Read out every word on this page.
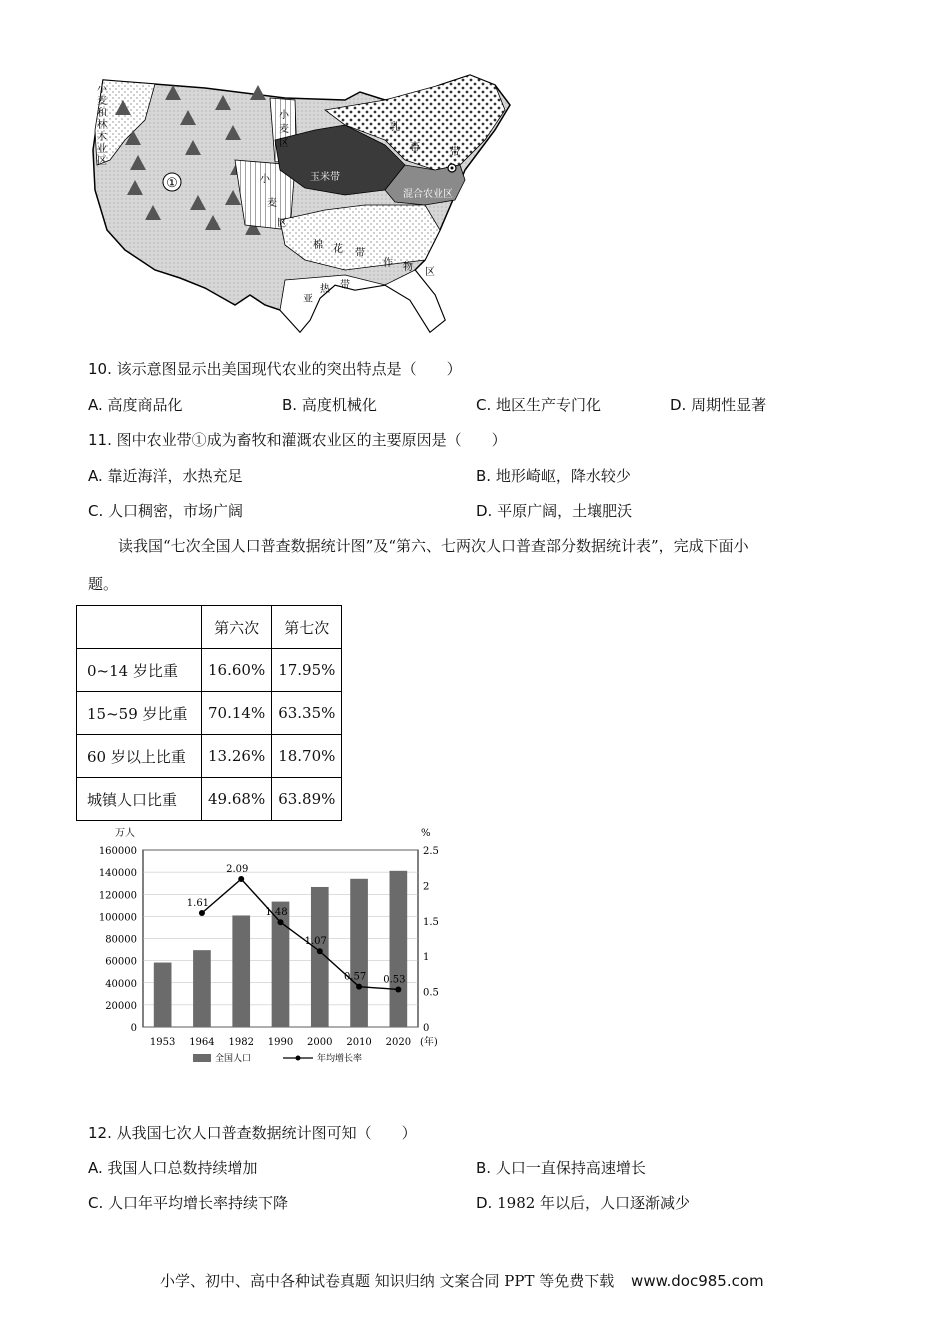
①
小
麦
和
林
木
业
区
小
麦
区
小
麦
区
乳
畜	带
玉米带
混合农业区
棉 花 带
作 物 区
亚
热 带
10. 该示意图显示出美国现代农业的突出特点是（　　）
A. 高度商品化	B. 高度机械化	C. 地区生产专门化	D. 周期性显著
11. 图中农业带①成为畜牧和灌溉农业区的主要原因是（　　）
A. 靠近海洋，水热充足	B. 地形崎岖，降水较少
C. 人口稠密，市场广阔	D. 平原广阔，土壤肥沃
读我国“七次全国人口普查数据统计图”及“第六、七两次人口普查部分数据统计表”，完成下面小
题。
	第六次	第七次
0~14 岁比重	16.60%	17.95%
15~59 岁比重	70.14%	63.35%
60 岁以上比重	13.26%	18.70%
城镇人口比重	49.68%	63.89%
0
20000
40000
60000
80000
100000
120000
140000
160000
0
0.5
1
1.5
2
2.5
万人	%
1953 1964 1982 1990 2000 2010 2020 (年)
1.61
2.09
1.48
1.07
0.57 0.53
全国人口	年均增长率
12. 从我国七次人口普查数据统计图可知（　　）
A. 我国人口总数持续增加	B. 人口一直保持高速增长
C. 人口年平均增长率持续下降	D. 1982 年以后，人口逐渐减少
小学、初中、高中各种试卷真题 知识归纳 文案合同 PPT 等免费下载 www.doc985.com
